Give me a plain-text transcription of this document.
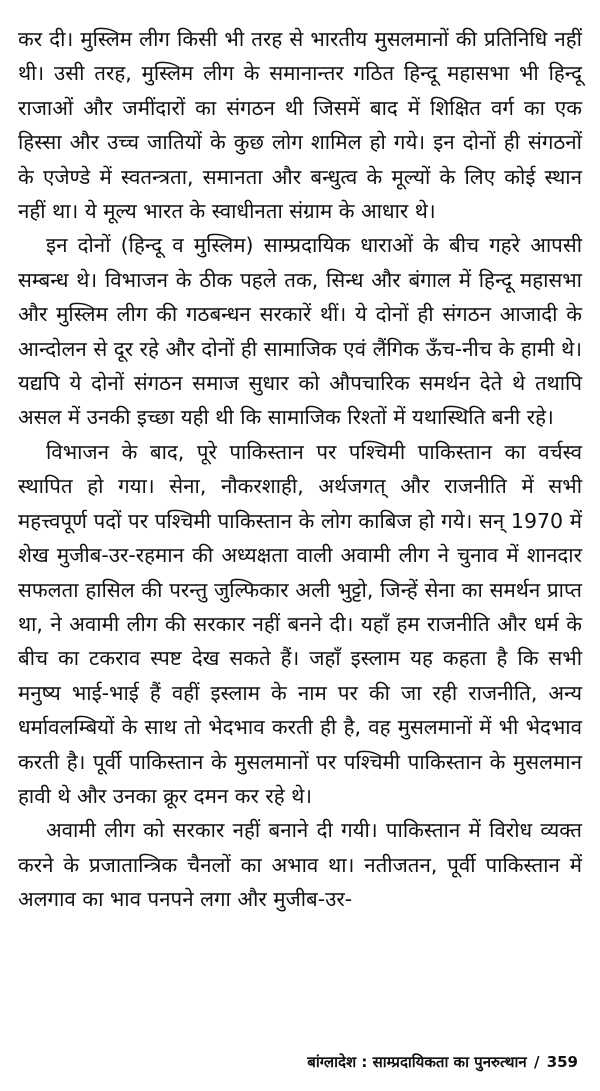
कर दी। मुस्लिम लीग किसी भी तरह से भारतीय मुसलमानों की प्रतिनिधि नहीं थी। उसी तरह, मुस्लिम लीग के समानान्तर गठित हिन्दू महासभा भी हिन्दू राजाओं और जमींदारों का संगठन थी जिसमें बाद में शिक्षित वर्ग का एक हिस्सा और उच्च जातियों के कुछ लोग शामिल हो गये। इन दोनों ही संगठनों के एजेण्डे में स्वतन्त्रता, समानता और बन्धुत्व के मूल्यों के लिए कोई स्थान नहीं था। ये मूल्य भारत के स्वाधीनता संग्राम के आधार थे।

इन दोनों (हिन्दू व मुस्लिम) साम्प्रदायिक धाराओं के बीच गहरे आपसी सम्बन्ध थे। विभाजन के ठीक पहले तक, सिन्ध और बंगाल में हिन्दू महासभा और मुस्लिम लीग की गठबन्धन सरकारें थीं। ये दोनों ही संगठन आजादी के आन्दोलन से दूर रहे और दोनों ही सामाजिक एवं लैंगिक ऊँच-नीच के हामी थे। यद्यपि ये दोनों संगठन समाज सुधार को औपचारिक समर्थन देते थे तथापि असल में उनकी इच्छा यही थी कि सामाजिक रिश्तों में यथास्थिति बनी रहे।

विभाजन के बाद, पूरे पाकिस्तान पर पश्चिमी पाकिस्तान का वर्चस्व स्थापित हो गया। सेना, नौकरशाही, अर्थजगत् और राजनीति में सभी महत्त्वपूर्ण पदों पर पश्चिमी पाकिस्तान के लोग काबिज हो गये। सन् 1970 में शेख मुजीब-उर-रहमान की अध्यक्षता वाली अवामी लीग ने चुनाव में शानदार सफलता हासिल की परन्तु जुल्फिकार अली भुट्टो, जिन्हें सेना का समर्थन प्राप्त था, ने अवामी लीग की सरकार नहीं बनने दी। यहाँ हम राजनीति और धर्म के बीच का टकराव स्पष्ट देख सकते हैं। जहाँ इस्लाम यह कहता है कि सभी मनुष्य भाई-भाई हैं वहीं इस्लाम के नाम पर की जा रही राजनीति, अन्य धर्मावलम्बियों के साथ तो भेदभाव करती ही है, वह मुसलमानों में भी भेदभाव करती है। पूर्वी पाकिस्तान के मुसलमानों पर पश्चिमी पाकिस्तान के मुसलमान हावी थे और उनका क्रूर दमन कर रहे थे।

अवामी लीग को सरकार नहीं बनाने दी गयी। पाकिस्तान में विरोध व्यक्त करने के प्रजातान्त्रिक चैनलों का अभाव था। नतीजतन, पूर्वी पाकिस्तान में अलगाव का भाव पनपने लगा और मुजीब-उर-

बांग्लादेश : साम्प्रदायिकता का पुनरुत्थान / 359
